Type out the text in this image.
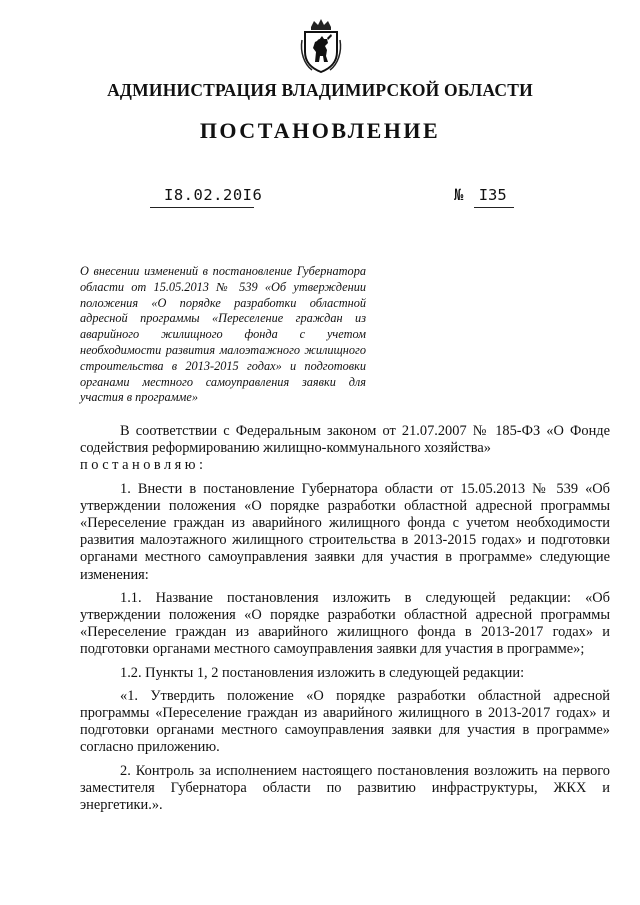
АДМИНИСТРАЦИЯ ВЛАДИМИРСКОЙ ОБЛАСТИ
ПОСТАНОВЛЕНИЕ
I8.02.20I6	№ I35
О внесении изменений в постановление Губернатора области от 15.05.2013 № 539 «Об утверждении положения «О порядке разработки областной адресной программы «Переселение граждан из аварийного жилищного фонда с учетом необходимости развития малоэтажного жилищного строительства в 2013-2015 годах» и подготовки органами местного самоуправления заявки для участия в программе»

В соответствии с Федеральным законом от 21.07.2007 № 185-ФЗ «О Фонде содействия реформированию жилищно-коммунального хозяйства»
постановляю:

1. Внести в постановление Губернатора области от 15.05.2013 № 539 «Об утверждении положения «О порядке разработки областной адресной программы «Переселение граждан из аварийного жилищного фонда с учетом необходимости развития малоэтажного жилищного строительства в 2013-2015 годах» и подготовки органами местного самоуправления заявки для участия в программе» следующие изменения:

1.1. Название постановления изложить в следующей редакции: «Об утверждении положения «О порядке разработки областной адресной программы «Переселение граждан из аварийного жилищного фонда в 2013-2017 годах» и подготовки органами местного самоуправления заявки для участия в программе»;

1.2. Пункты 1, 2 постановления изложить в следующей редакции:

«1. Утвердить положение «О порядке разработки областной адресной программы «Переселение граждан из аварийного жилищного в 2013-2017 годах» и подготовки органами местного самоуправления заявки для участия в программе» согласно приложению.

2. Контроль за исполнением настоящего постановления возложить на первого заместителя Губернатора области по развитию инфраструктуры, ЖКХ и энергетики.».
